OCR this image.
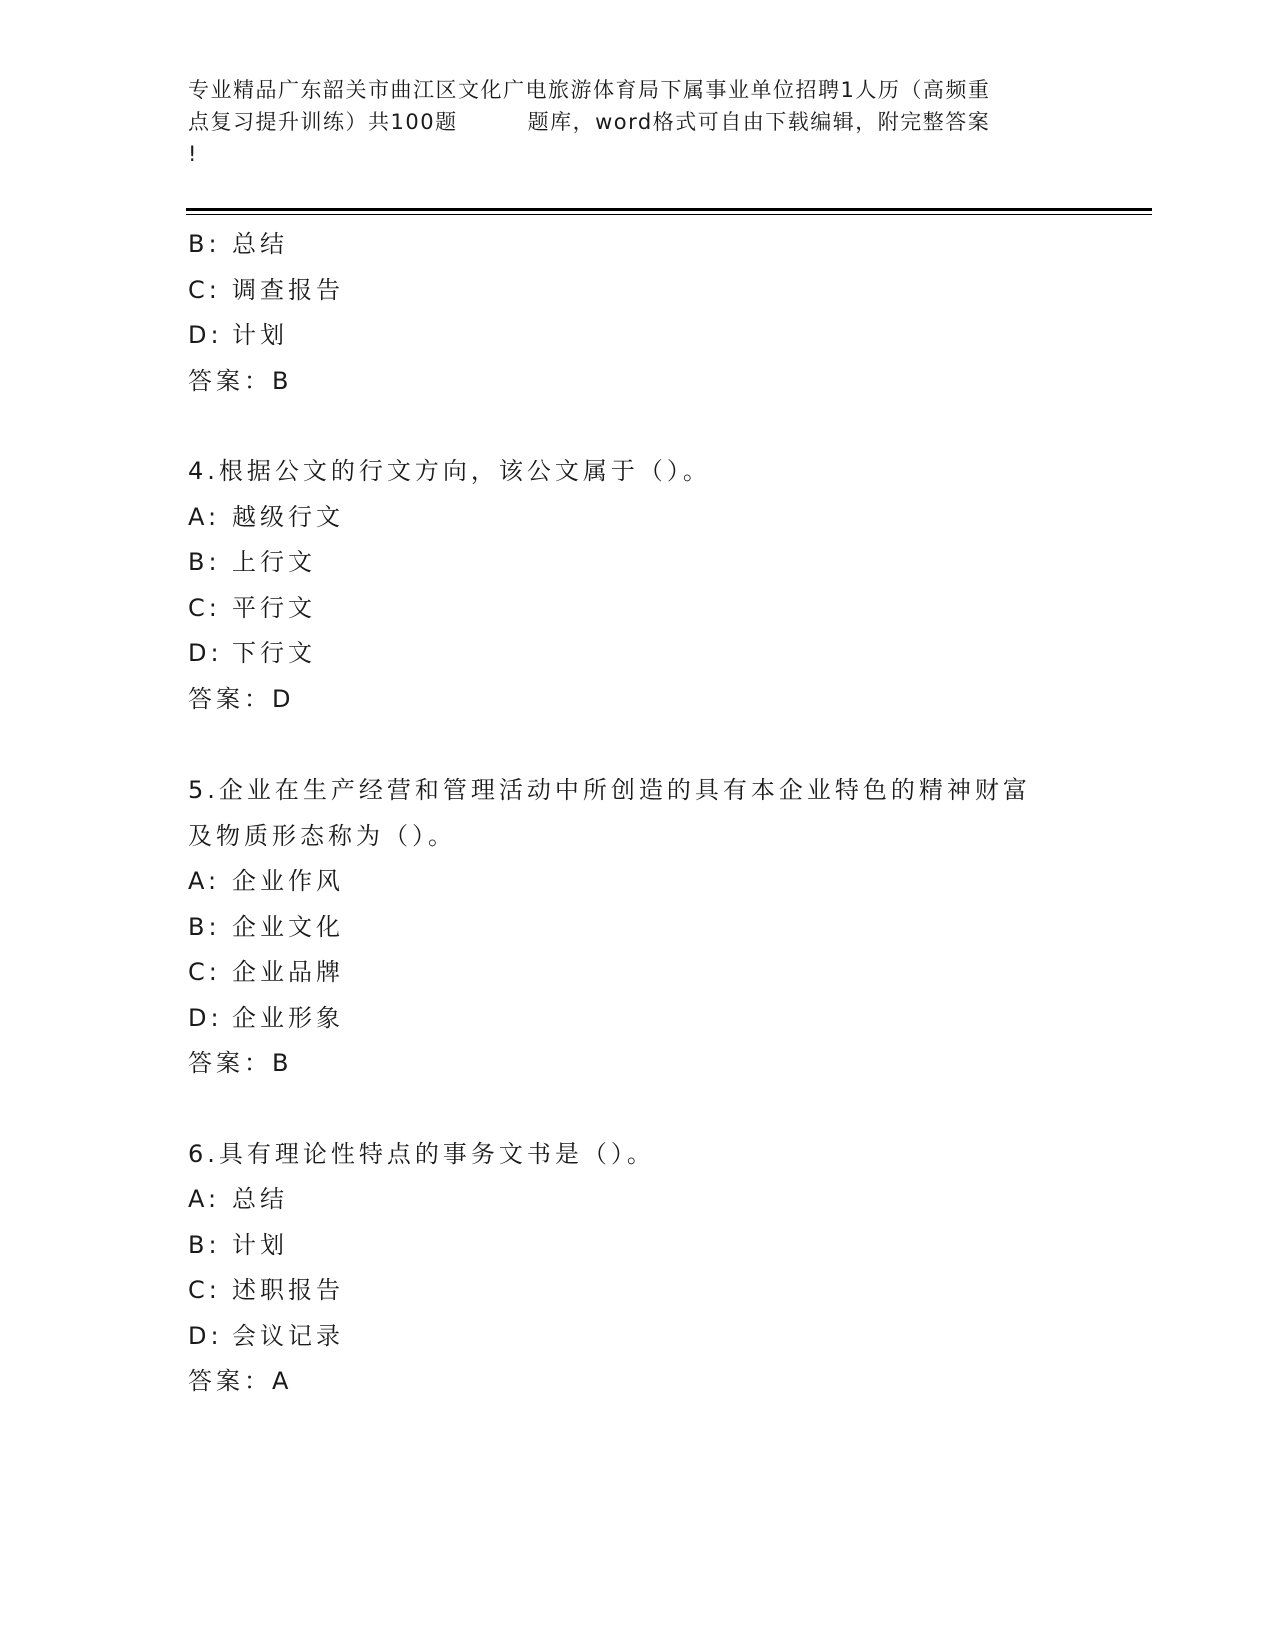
专业精品广东韶关市曲江区文化广电旅游体育局下属事业单位招聘1人历（高频重
点复习提升训练）共100题	题库，word格式可自由下载编辑，附完整答案
!
B: 总结
C: 调查报告
D: 计划
答案：B
4.根据公文的行文方向，该公文属于（）。
A: 越级行文
B: 上行文
C: 平行文
D: 下行文
答案：D
5.企业在生产经营和管理活动中所创造的具有本企业特色的精神财富
及物质形态称为（）。
A: 企业作风
B: 企业文化
C: 企业品牌
D: 企业形象
答案：B
6.具有理论性特点的事务文书是（）。
A: 总结
B: 计划
C: 述职报告
D: 会议记录
答案：A
